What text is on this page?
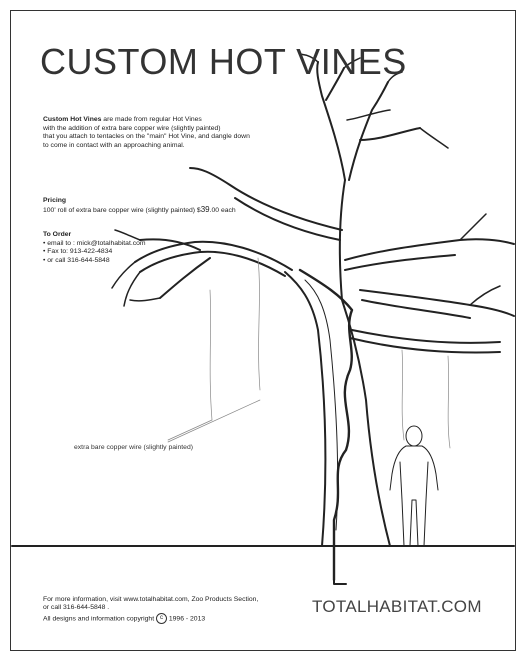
CUSTOM HOT VINES
Custom Hot Vines are made from regular Hot Vines
with the addition of extra bare copper wire (slightly painted)
that you attach to tentacles on the "main" Hot Vine, and dangle down
to come in contact with an approaching animal.
Pricing
100' roll of extra bare copper wire (slightly painted) $39.00 each
To Order
• email to : mick@totalhabitat.com
• Fax to: 913-422-4834
• or call 316-644-5848
extra bare copper wire (slightly painted)
For more information, visit www.totalhabitat.com, Zoo Products Section,
or call 316-644-5848 .
All designs and information copyright c 1996 - 2013
TOTALHABITAT.COM
